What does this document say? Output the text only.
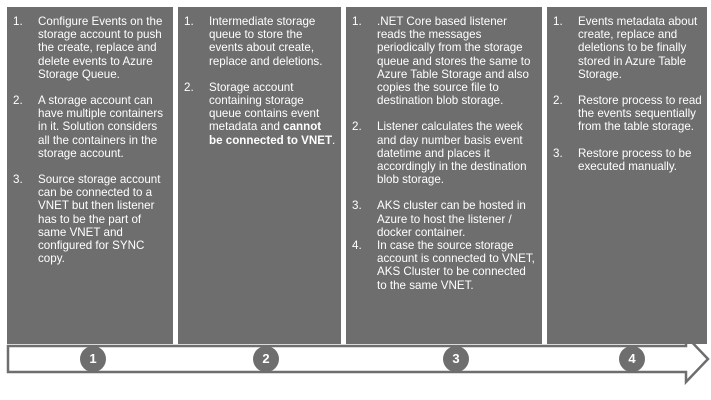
1.	Configure Events on the storage account to push the create, replace and delete events to Azure Storage Queue.
2.	A storage account can have multiple containers in it. Solution considers all the containers in the storage account.
3.	Source storage account can be connected to a VNET but then listener has to be the part of same VNET and configured for SYNC copy.
1.	Intermediate storage queue to store the events about create, replace and deletions.
2.	Storage account containing storage queue contains event metadata and cannot be connected to VNET.
1.	.NET Core based listener reads the messages periodically from the storage queue and stores the same to Azure Table Storage and also copies the source file to destination blob storage.
2.	Listener calculates the week and day number basis event datetime and places it accordingly in the destination blob storage.
3.	AKS cluster can be hosted in Azure to host the listener / docker container.
4.	In case the source storage account is connected to VNET, AKS Cluster to be connected to the same VNET.
1.	Events metadata about create, replace and deletions to be finally stored in Azure Table Storage.
2.	Restore process to read the events sequentially from the table storage.
3.	Restore process to be executed manually.
1	2	3	4
